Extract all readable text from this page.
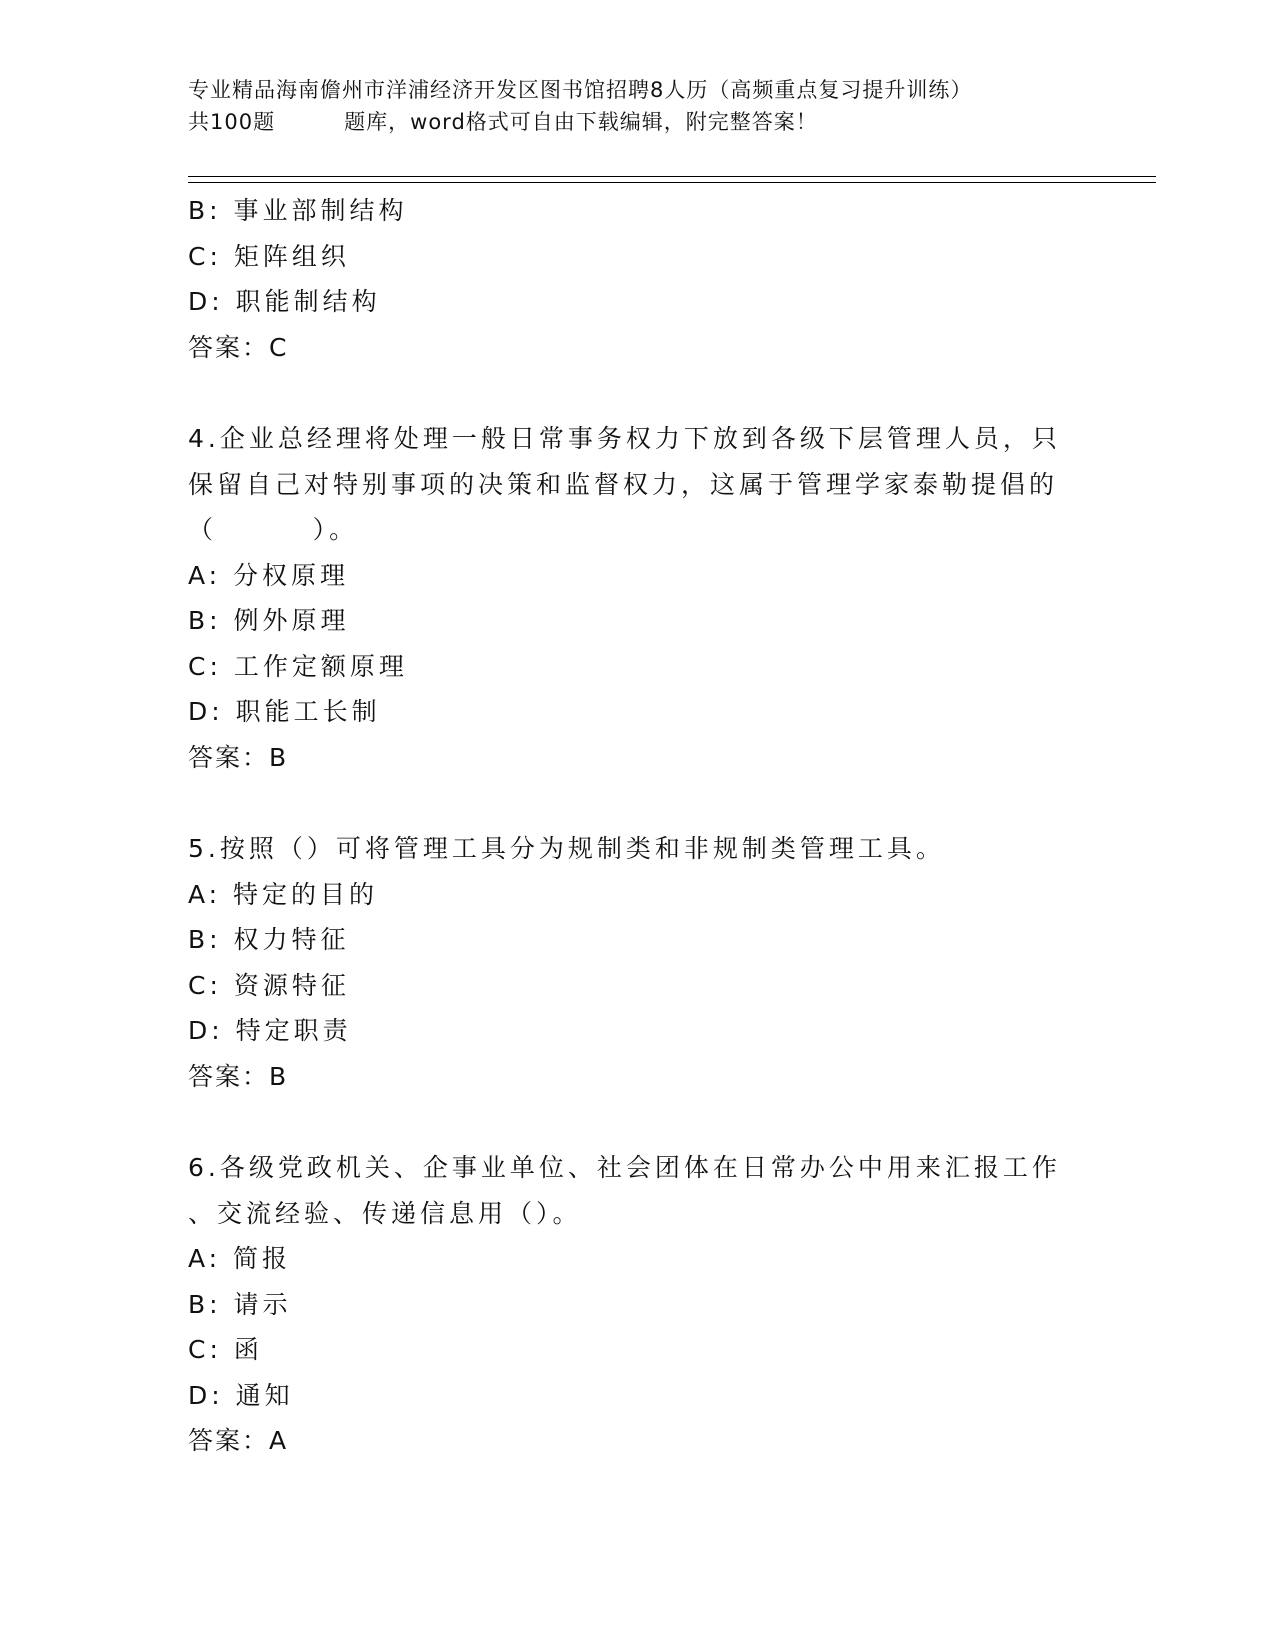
专业精品海南儋州市洋浦经济开发区图书馆招聘8人历（高频重点复习提升训练）
共100题         题库，word格式可自由下载编辑，附完整答案！
B: 事业部制结构
C: 矩阵组织
D: 职能制结构
答案：C
4.企业总经理将处理一般日常事务权力下放到各级下层管理人员，只
保留自己对特别事项的决策和监督权力，这属于管理学家泰勒提倡的
（        ）。
A: 分权原理
B: 例外原理
C: 工作定额原理
D: 职能工长制
答案：B
5.按照（）可将管理工具分为规制类和非规制类管理工具。
A: 特定的目的
B: 权力特征
C: 资源特征
D: 特定职责
答案：B
6.各级党政机关、企事业单位、社会团体在日常办公中用来汇报工作
、交流经验、传递信息用（）。
A: 简报
B: 请示
C: 函
D: 通知
答案：A
